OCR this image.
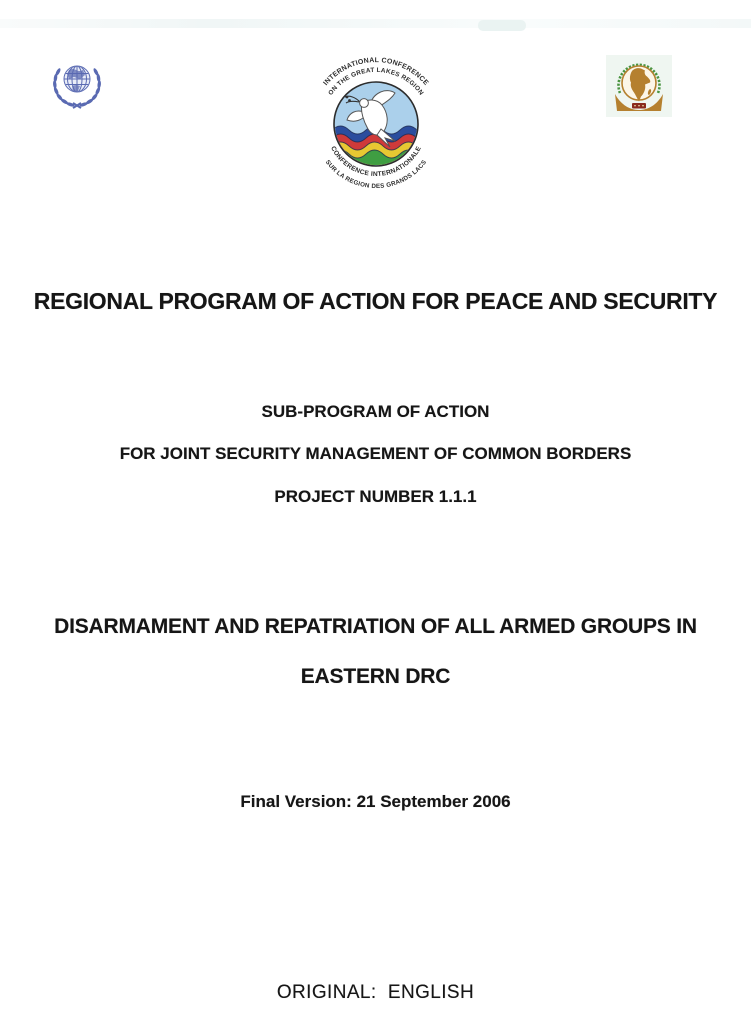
INTERNATIONAL CONFERENCE
ON THE GREAT LAKES REGION
CONFERENCE INTERNATIONALE
SUR LA REGION DES GRANDS LACS
REGIONAL PROGRAM OF ACTION FOR PEACE AND SECURITY
SUB-PROGRAM OF ACTION

FOR JOINT SECURITY MANAGEMENT OF COMMON BORDERS
PROJECT NUMBER 1.1.1
DISARMAMENT AND REPATRIATION OF ALL ARMED GROUPS IN

EASTERN DRC
Final Version: 21 September 2006
ORIGINAL:  ENGLISH
